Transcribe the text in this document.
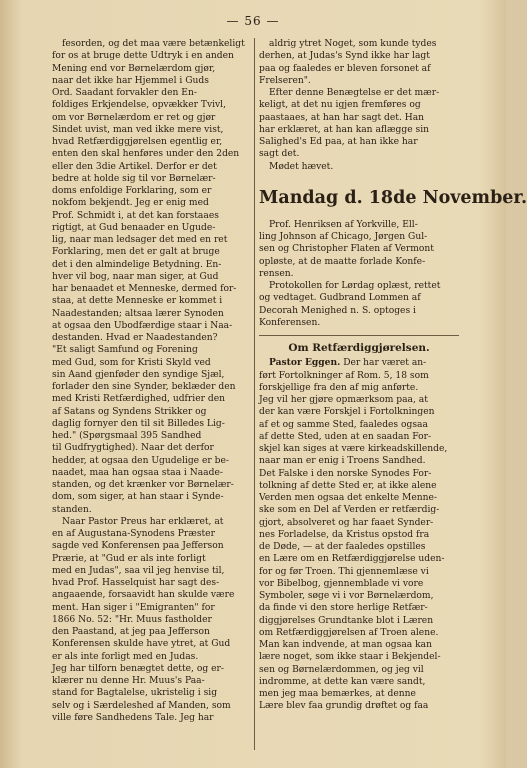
— 56 —
fesorden, og det maa være betænkeligt
for os at bruge dette Udtryk i en anden
Mening end vor Børnelærdom gjør,
naar det ikke har Hjemmel i Guds
Ord. Saadant forvakler den En-
foldiges Erkjendelse, opvækker Tvivl,
om vor Børnelærdom er ret og gjør
Sindet uvist, man ved ikke mere vist,
hvad Retfærdiggjørelsen egentlig er,
enten den skal henføres under den 2den
eller den 3die Artikel. Derfor er det
bedre at holde sig til vor Børnelær-
doms enfoldige Forklaring, som er
nokfom bekjendt. Jeg er enig med
Prof. Schmidt i, at det kan forstaaes
rigtigt, at Gud benaader en Ugude-
lig, naar man ledsager det med en ret
Forklaring, men det er galt at bruge
det i den almindelige Betydning. En-
hver vil bog, naar man siger, at Gud
har benaadet et Menneske, dermed for-
staa, at dette Menneske er kommet i
Naadestanden; altsaa lærer Synoden
at ogsaa den Ubodfærdige staar i Naa-
destanden. Hvad er Naadestanden?
"Et saligt Samfund og Forening
med Gud, som for Kristi Skyld ved
sin Aand gjenføder den syndige Sjæl,
forlader den sine Synder, beklæder den
med Kristi Retfærdighed, udfrier den
af Satans og Syndens Strikker og
daglig fornyer den til sit Billedes Lig-
hed." (Spørgsmaal 395 Sandhed
til Gudfrygtighed). Naar det derfor
hedder, at ogsaa den Ugudelige er be-
naadet, maa han ogsaa staa i Naade-
standen, og det krænker vor Børnelær-
dom, som siger, at han staar i Synde-
standen.
Naar Pastor Preus har erklæret, at
en af Augustana-Synodens Præster
sagde ved Konferensen paa Jefferson
Prærie, at "Gud er als inte forligt
med en Judas", saa vil jeg henvise til,
hvad Prof. Hasselquist har sagt des-
angaaende, forsaavidt han skulde være
ment. Han siger i "Emigranten" for
1866 No. 52: "Hr. Muus fastholder
den Paastand, at jeg paa Jefferson
Konferensen skulde have ytret, at Gud
er als inte forligt med en Judas.
Jeg har tilforn benægtet dette, og er-
klærer nu denne Hr. Muus's Paa-
stand for Bagtalelse, ukristelig i sig
selv og i Særdeleshed af Manden, som
ville føre Sandhedens Tale. Jeg har
aldrig ytret Noget, som kunde tydes
derhen, at Judas's Synd ikke har lagt
paa og faaledes er bleven forsonet af
Frelseren".
Efter denne Benægtelse er det mær-
keligt, at det nu igjen fremføres og
paastaaes, at han har sagt det. Han
har erklæret, at han kan aflægge sin
Salighed's Ed paa, at han ikke har
sagt det.
Mødet hævet.
Mandag d. 18de November.
Prof. Henriksen af Yorkville, Ell-
ling Johnson af Chicago, Jørgen Gul-
sen og Christopher Flaten af Vermont
opløste, at de maatte forlade Konfe-
rensen.
Protokollen for Lørdag oplæst, rettet
og vedtaget. Gudbrand Lommen af
Decorah Menighed n. S. optoges i
Konferensen.
Om Retfærdiggjørelsen.
Pastor Eggen. Der har været an-
ført Fortolkninger af Rom. 5, 18 som
forskjellige fra den af mig anførte.
Jeg vil her gjøre opmærksom paa, at
der kan være Forskjel i Fortolkningen
af et og samme Sted, faaledes ogsaa
af dette Sted, uden at en saadan For-
skjel kan siges at være kirkeadskillende,
naar man er enig i Troens Sandhed.
Det Falske i den norske Synodes For-
tolkning af dette Sted er, at ikke alene
Verden men ogsaa det enkelte Menne-
ske som en Del af Verden er retfærdig-
gjort, absolveret og har faaet Synder-
nes Forladelse, da Kristus opstod fra
de Døde, — at der faaledes opstilles
en Lære om en Retfærdiggjørelse uden-
for og før Troen. Thi gjennemlæse vi
vor Bibelbog, gjennemblade vi vore
Symboler, søge vi i vor Børnelærdom,
da finde vi den store herlige Retfær-
diggjørelses Grundtanke blot i Læren
om Retfærdiggjørelsen af Troen alene.
Man kan indvende, at man ogsaa kan
lære noget, som ikke staar i Bekjendel-
sen og Børnelærdommen, og jeg vil
indromme, at dette kan være sandt,
men jeg maa bemærkes, at denne
Lære blev faa grundig drøftet og faa
